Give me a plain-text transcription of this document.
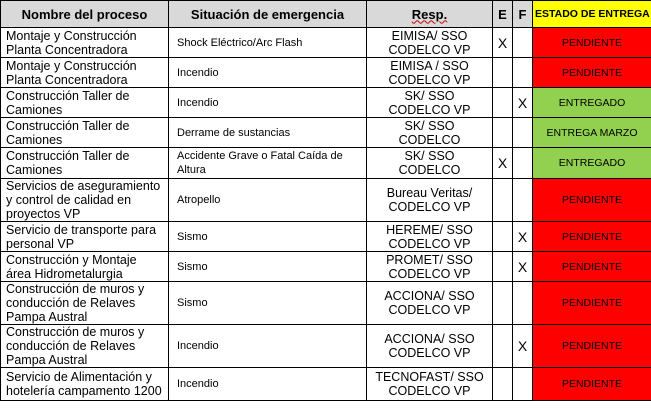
Nombre del proceso	Situación de emergencia	Resp.	E	F	ESTADO DE ENTREGA
Montaje y Construcción Planta Concentradora	Shock Eléctrico/Arc Flash	EIMISA/ SSO CODELCO VP	X		PENDIENTE
Montaje y Construcción Planta Concentradora	Incendio	EIMISA / SSO CODELCO VP			PENDIENTE
Construcción Taller de Camiones	Incendio	SK/ SSO CODELCO VP		X	ENTREGADO
Construcción Taller de Camiones	Derrame de sustancias	SK/ SSO CODELCO			ENTREGA MARZO
Construcción Taller de Camiones	Accidente Grave o Fatal Caída de Altura	SK/ SSO CODELCO	X		ENTREGADO
Servicios de aseguramiento y control de calidad en proyectos VP	Atropello	Bureau Veritas/ CODELCO VP			PENDIENTE
Servicio de transporte para personal VP	Sismo	HEREME/ SSO CODELCO VP		X	PENDIENTE
Construcción y Montaje área Hidrometalurgia	Sismo	PROMET/ SSO CODELCO VP		X	PENDIENTE
Construcción de muros y conducción de Relaves Pampa Austral	Sismo	ACCIONA/ SSO CODELCO VP			PENDIENTE
Construcción de muros y conducción de Relaves Pampa Austral	Incendio	ACCIONA/ SSO CODELCO VP		X	PENDIENTE
Servicio de Alimentación y hotelería campamento 1200	Incendio	TECNOFAST/ SSO CODELCO VP			PENDIENTE
